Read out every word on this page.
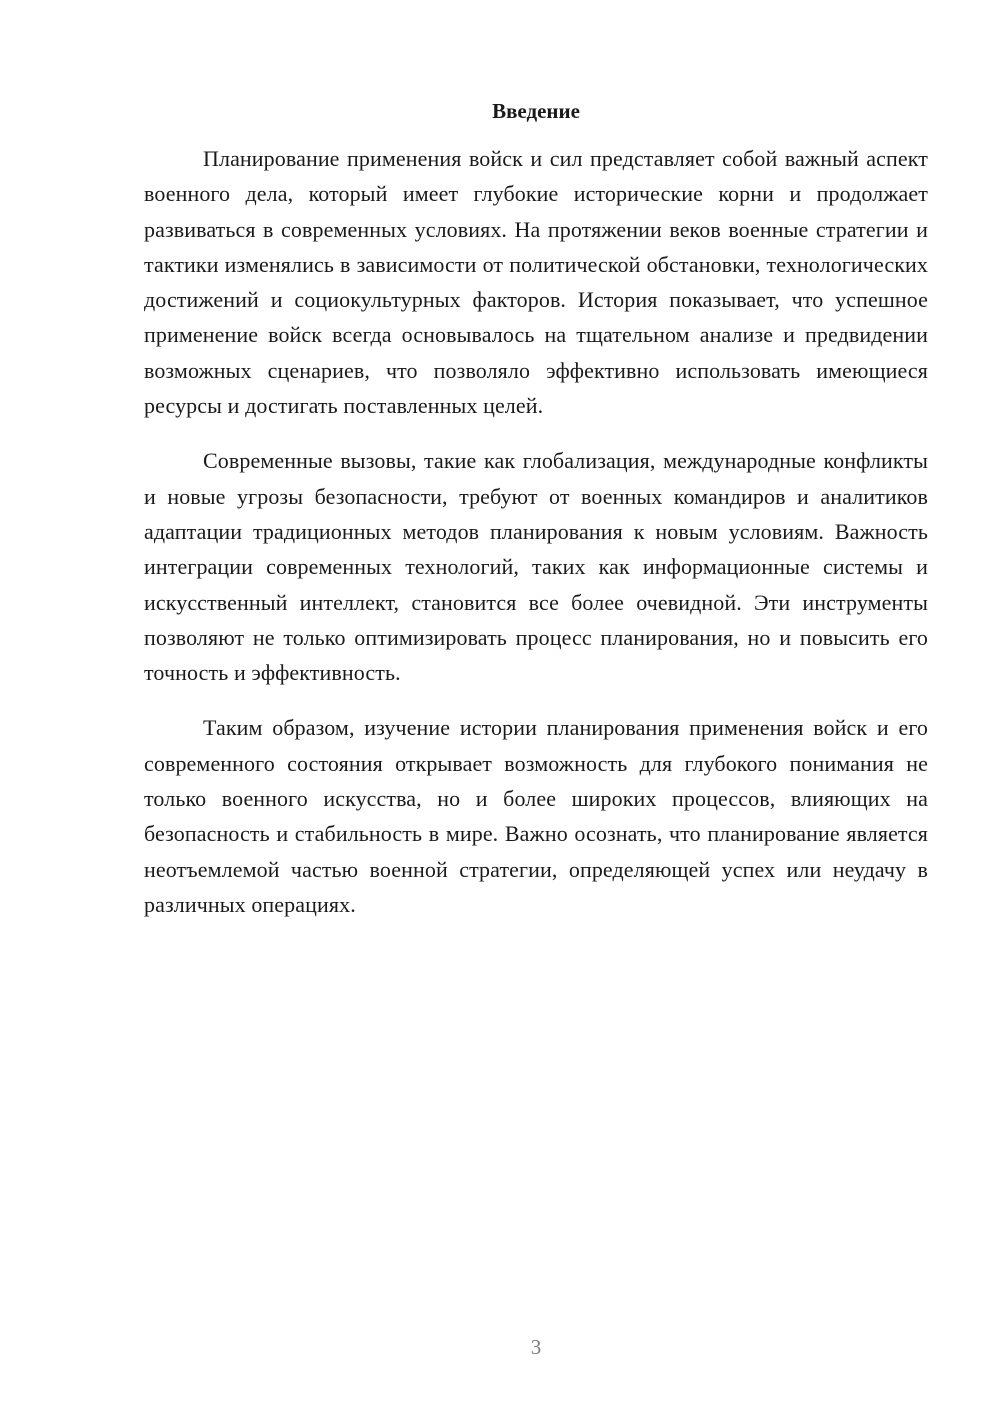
Введение

Планирование применения войск и сил представляет собой важный аспект военного дела, который имеет глубокие исторические корни и продолжает развиваться в современных условиях. На протяжении веков военные стратегии и тактики изменялись в зависимости от политической обстановки, технологических достижений и социокультурных факторов. История показывает, что успешное применение войск всегда основывалось на тщательном анализе и предвидении возможных сценариев, что позволяло эффективно использовать имеющиеся ресурсы и достигать поставленных целей.

Современные вызовы, такие как глобализация, международные конфликты и новые угрозы безопасности, требуют от военных командиров и аналитиков адаптации традиционных методов планирования к новым условиям. Важность интеграции современных технологий, таких как информационные системы и искусственный интеллект, становится все более очевидной. Эти инструменты позволяют не только оптимизировать процесс планирования, но и повысить его точность и эффективность.

Таким образом, изучение истории планирования применения войск и его современного состояния открывает возможность для глубокого понимания не только военного искусства, но и более широких процессов, влияющих на безопасность и стабильность в мире. Важно осознать, что планирование является неотъемлемой частью военной стратегии, определяющей успех или неудачу в различных операциях.

3
